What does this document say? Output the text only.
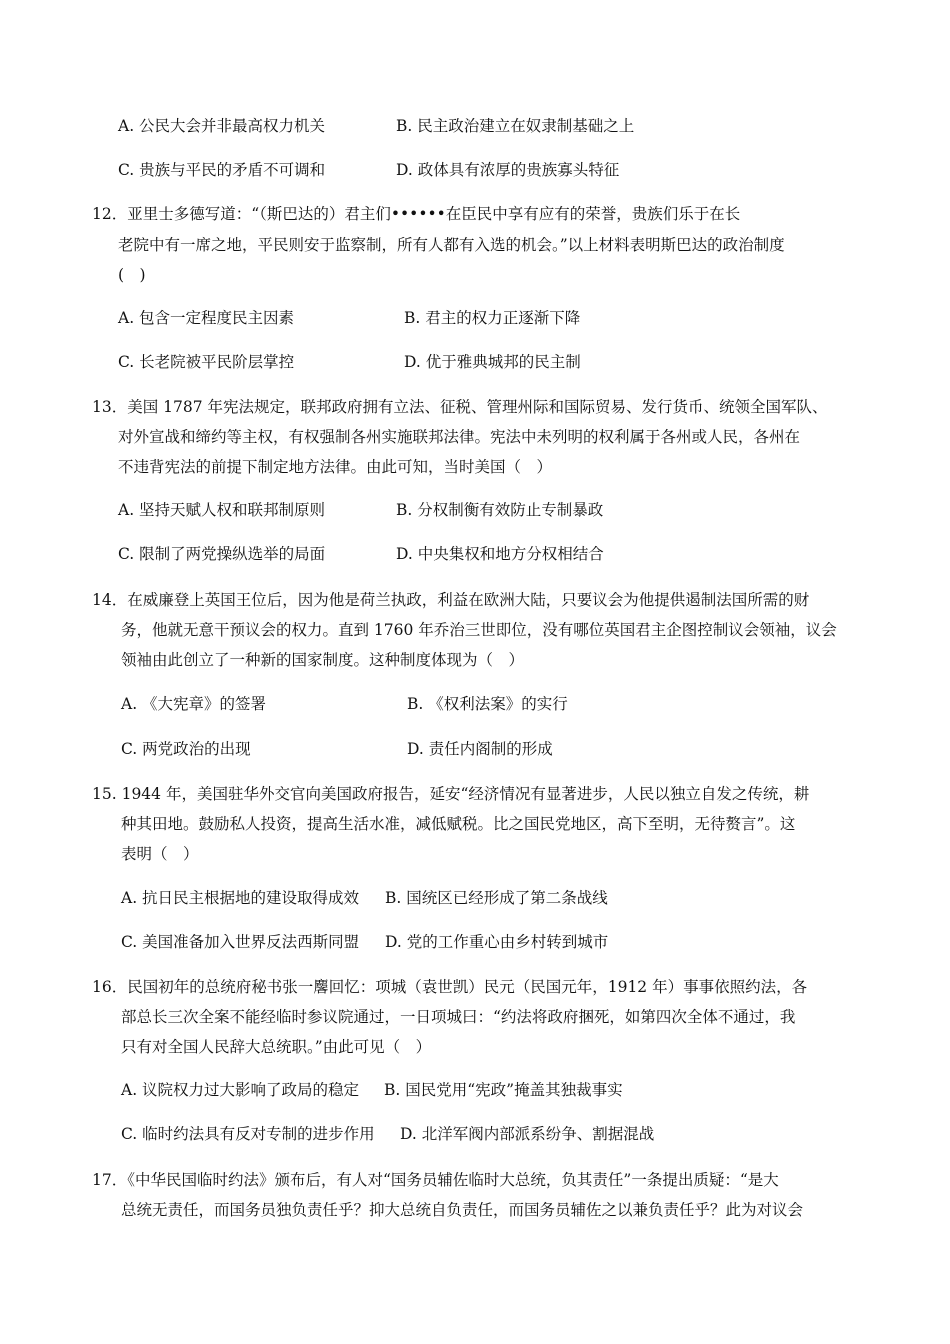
A. 公民大会并非最高权力机关	B. 民主政治建立在奴隶制基础之上
C. 贵族与平民的矛盾不可调和	D. 政体具有浓厚的贵族寡头特征
12．亚里士多德写道：“（斯巴达的）君主们••••••在臣民中享有应有的荣誉，贵族们乐于在长
老院中有一席之地，平民则安于监察制，所有人都有入选的机会。”以上材料表明斯巴达的政治制度
(　)
A. 包含一定程度民主因素	B. 君主的权力正逐渐下降
C. 长老院被平民阶层掌控	D. 优于雅典城邦的民主制
13．美国 1787 年宪法规定，联邦政府拥有立法、征税、管理州际和国际贸易、发行货币、统领全国军队、
对外宣战和缔约等主权，有权强制各州实施联邦法律。宪法中未列明的权利属于各州或人民，各州在
不违背宪法的前提下制定地方法律。由此可知，当时美国（　）
A. 坚持天赋人权和联邦制原则	B. 分权制衡有效防止专制暴政
C. 限制了两党操纵选举的局面	D. 中央集权和地方分权相结合
14．在威廉登上英国王位后，因为他是荷兰执政，利益在欧洲大陆，只要议会为他提供遏制法国所需的财
务，他就无意干预议会的权力。直到 1760 年乔治三世即位，没有哪位英国君主企图控制议会领袖，议会
领袖由此创立了一种新的国家制度。这种制度体现为（　）
A. 《大宪章》的签署	B. 《权利法案》的实行
C. 两党政治的出现	D. 责任内阁制的形成
15. 1944 年，美国驻华外交官向美国政府报告，延安“经济情况有显著进步，人民以独立自发之传统，耕
种其田地。鼓励私人投资，提高生活水准，减低赋税。比之国民党地区，高下至明，无待赘言”。这
表明（　）
A. 抗日民主根据地的建设取得成效 B. 国统区已经形成了第二条战线
C. 美国准备加入世界反法西斯同盟 D. 党的工作重心由乡村转到城市
16．民国初年的总统府秘书张一麐回忆：项城（袁世凯）民元（民国元年，1912 年）事事依照约法，各
部总长三次全案不能经临时参议院通过，一日项城曰：“约法将政府捆死，如第四次全体不通过，我
只有对全国人民辞大总统职。”由此可见（　）
A. 议院权力过大影响了政局的稳定 B. 国民党用“宪政”掩盖其独裁事实
C. 临时约法具有反对专制的进步作用 D. 北洋军阀内部派系纷争、割据混战
17．《中华民国临时约法》颁布后，有人对“国务员辅佐临时大总统，负其责任”一条提出质疑：“是大
总统无责任，而国务员独负责任乎？抑大总统自负责任，而国务员辅佐之以兼负责任乎？此为对议会
